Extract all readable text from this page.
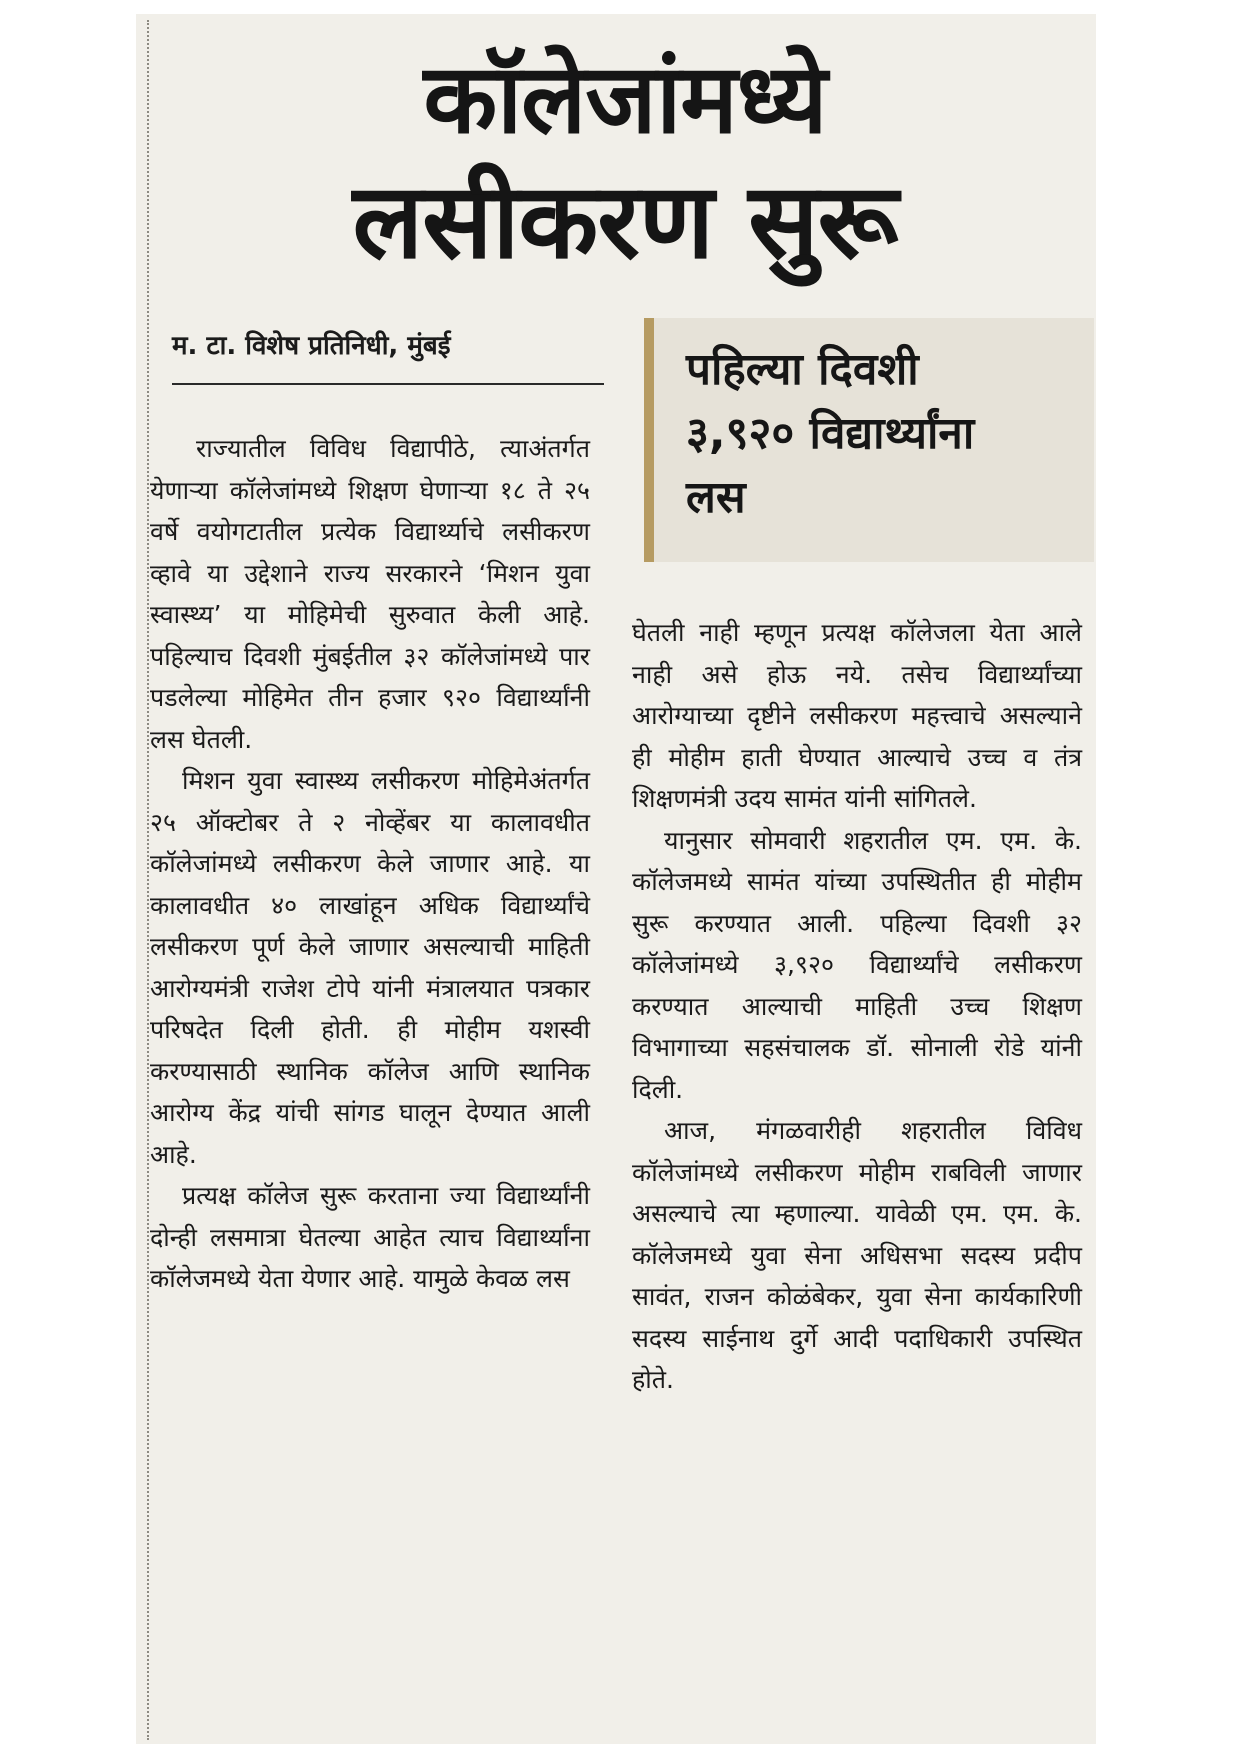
कॉलेजांमध्ये
लसीकरण सुरू
म. टा. विशेष प्रतिनिधी, मुंबई	पहिल्या दिवशी
३,९२० विद्यार्थ्यांना
लस

राज्यातील विविध विद्यापीठे, त्याअंतर्गत येणाऱ्या कॉलेजांमध्ये शिक्षण घेणाऱ्या १८ ते २५ वर्षे वयोगटातील प्रत्येक विद्यार्थ्याचे लसीकरण व्हावे या उद्देशाने राज्य सरकारने ‘मिशन युवा स्वास्थ्य’ या मोहिमेची सुरुवात केली आहे. पहिल्याच दिवशी मुंबईतील ३२ कॉलेजांमध्ये पार पडलेल्या मोहिमेत तीन हजार ९२० विद्यार्थ्यांनी लस घेतली.

मिशन युवा स्वास्थ्य लसीकरण मोहिमेअंतर्गत २५ ऑक्टोबर ते २ नोव्हेंबर या कालावधीत कॉलेजांमध्ये लसीकरण केले जाणार आहे. या कालावधीत ४० लाखांहून अधिक विद्यार्थ्यांचे लसीकरण पूर्ण केले जाणार असल्याची माहिती आरोग्यमंत्री राजेश टोपे यांनी मंत्रालयात पत्रकार परिषदेत दिली होती. ही मोहीम यशस्वी करण्यासाठी स्थानिक कॉलेज आणि स्थानिक आरोग्य केंद्र यांची सांगड घालून देण्यात आली आहे.

प्रत्यक्ष कॉलेज सुरू करताना ज्या विद्यार्थ्यांनी दोन्ही लसमात्रा घेतल्या आहेत त्याच विद्यार्थ्यांना कॉलेजमध्ये येता येणार आहे. यामुळे केवळ लस

घेतली नाही म्हणून प्रत्यक्ष कॉलेजला येता आले नाही असे होऊ नये. तसेच विद्यार्थ्यांच्या आरोग्याच्या दृष्टीने लसीकरण महत्त्वाचे असल्याने ही मोहीम हाती घेण्यात आल्याचे उच्च व तंत्र शिक्षणमंत्री उदय सामंत यांनी सांगितले.

यानुसार सोमवारी शहरातील एम. एम. के. कॉलेजमध्ये सामंत यांच्या उपस्थितीत ही मोहीम सुरू करण्यात आली. पहिल्या दिवशी ३२ कॉलेजांमध्ये ३,९२० विद्यार्थ्यांचे लसीकरण करण्यात आल्याची माहिती उच्च शिक्षण विभागाच्या सहसंचालक डॉ. सोनाली रोडे यांनी दिली.

आज, मंगळवारीही शहरातील विविध कॉलेजांमध्ये लसीकरण मोहीम राबविली जाणार असल्याचे त्या म्हणाल्या. यावेळी एम. एम. के. कॉलेजमध्ये युवा सेना अधिसभा सदस्य प्रदीप सावंत, राजन कोळंबेकर, युवा सेना कार्यकारिणी सदस्य साईनाथ दुर्गे आदी पदाधिकारी उपस्थित होते.
